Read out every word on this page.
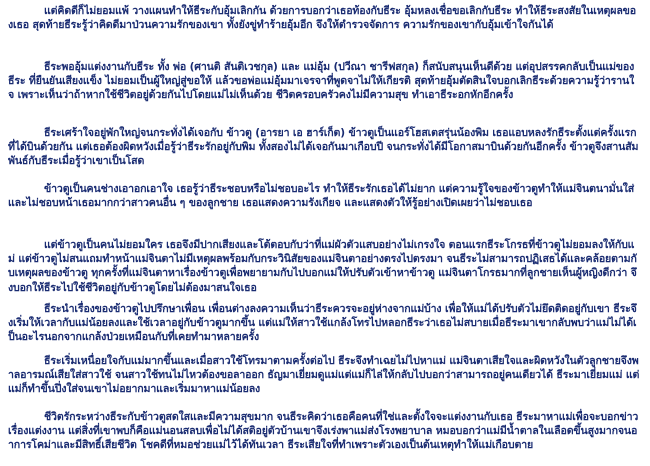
แต่คิดดีก็ไม่ยอมแพ้ วางแผนทำให้ธีระกับอุ้มเลิกกัน ด้วยการบอกว่าเธอท้องกับธีระ อุ้มหลงเชื่อขอเลิกกับธีระ ทำให้ธีระสงสัยในเหตุผลของเธอ สุดท้ายธีระรู้ว่าคิดดีมาป่วนความรักของเขา ทั้งยังขู่ทำร้ายอุ้มอีก จึงให้ตำรวจจัดการ ความรักของเขากับอุ้มเข้าใจกันได้

ธีระพออุ้มแต่งงานกับธีระ ทั้ง พ่อ (ศานติ สันติเวชกุล) และ แม่อุ้ม (ปวีณา ชารีฟสกุล) ก็สนับสนุนเห็นดีด้วย แต่อุปสรรคกลับเป็นแม่ของธีระ ที่ยืนยันเสียงแข็ง ไม่ยอมเป็นผู้ใหญ่สู่ขอให้ แล้วขอพ่อแม่อุ้มมาเจรจาที่พูดจาไม่ให้เกียรติ สุดท้ายอุ้มตัดสินใจบอกเลิกธีระด้วยความรู้ว่ารานใจ เพราะเห็นว่าถ้าหากใช้ชีวิตอยู่ด้วยกันไปโดยแม่ไม่เห็นด้วย ชีวิตครอบครัวคงไม่มีความสุข ทำเอาธีระอกหักอีกครั้ง

ธีระเศร้าใจอยู่พักใหญ่จนกระทั่งได้เจอกับ ข้าวตู (อารยา เอ ฮาร์เก็ต) ข้าวตูเป็นแอร์โฮสเตสรุ่นน้องพิม เธอแอบหลงรักธีระตั้งแต่ครั้งแรกที่ได้บินด้วยกัน แต่เธอต้องผิดหวังเมื่อรู้ว่าธีระรักอยู่กับพิม ทั้งสองไม่ได้เจอกันมาเกือบปี จนกระทั่งได้มีโอกาสมาบินด้วยกันอีกครั้ง ข้าวตูจึงสานสัมพันธ์กับธีระเมื่อรู้ว่าเขาเป็นโสด

ข้าวตูเป็นคนช่างเอาอกเอาใจ เธอรู้ว่าธีระชอบหรือไม่ชอบอะไร ทำให้ธีระรักเธอได้ไม่ยาก แต่ความรู้ใจของข้าวตูทำให้แม่จินตนามั่นใส่และไม่ชอบหน้าเธอมากกว่าสาวคนอื่น ๆ ของลูกชาย เธอแสดงความรังเกียจ และแสดงตัวให้รู้อย่างเปิดเผยว่าไม่ชอบเธอ

แต่ข้าวตูเป็นคนไม่ยอมใคร เธอจึงมีปากเสียงและโต้ตอบกับว่าที่แม่ผัวตัวแสบอย่างไม่เกรงใจ ตอนแรกธีระโกรธที่ข้าวตูไม่ยอมลงให้กับแม่ แต่ข้าวตูไม่สนแถมทำหน้าแม่จินตาไม่มีเหตุผลพร้อมกับกระวินิสัยของแม่จินตาอย่างตรงไปตรงมา จนธีระไม่สามารถปฏิเสธได้และคล้อยตามกับเหตุผลของข้าวตู ทุกครั้งที่แม่จินตาหาเรื่องข้าวตูเพื่อพยายามกับไปบอกแม่ให้ปรับตัวเข้าหาข้าวตู แม่จินตาโกรธมากที่ลูกชายเห็นผู้หญิงดีกว่า จึงบอกให้ธีระไปใช้ชีวิตอยู่กับข้าวตูโดยไม่ต้องมาสนใจเธอ

ธีระนำเรื่องของข้าวตูไปปรึกษาเพื่อน เพื่อนต่างลงความเห็นว่าธีระควรจะอยู่ห่างจากแม่บ้าง เพื่อให้แม่ได้ปรับตัวไม่ยึดติดอยู่กับเขา ธีระจึงเริ่มให้เวลากับแม่น้อยลงและใช้เวลาอยู่กับข้าวตูมากขึ้น แต่แม่ให้สาวใช้แกล้งโทรไปหลอกธีระว่าเธอไม่สบายเมื่อธีระมาเขากลับพบว่าแม่ไม่ได้เป็นอะไรนอกจากแกล้งป่วยเหมือนกับที่เคยทำมาหลายครั้ง

ธีระเริ่มเหนื่อยใจกับแม่มากขึ้นและเมื่อสาวใช้โทรมาตามครั้งต่อไป ธีระจึงทำเฉยไม่ไปหาแม่ แม่จินตาเสียใจและผิดหวังในตัวลูกชายจึงพาลอารมณ์เสียใส่สาวใช้ จนสาวใช้ทนไม่ไหวต้องขอลาออก ธัญมาเยี่ยมดูแม่แต่แม่ก็ไล่ให้กลับไปบอกว่าสามารถอยู่คนเดียวได้ ธีระมาเยี่ยมแม่ แต่แม่ก็ทำขึ้นปึ่งใส่จนเขาไม่อยากมาและเริ่มมาหาแม่น้อยลง

ชีวิตรักระหว่างธีระกับข้าวตูสดใสและมีความสุขมาก จนธีระคิดว่าเธอคือคนที่ใช่และตั้งใจจะแต่งงานกับเธอ ธีระมาหาแม่เพื่อจะบอกข่าวเรื่องแต่งงาน แต่สิ่งที่เขาพบก็คือแม่นอนสลบเพื่อไม่ได้สติอยู่ตัวบ้านเขาจึงเร่งพาแม่ส่งโรงพยาบาล หมอบอกว่าแม่มีน้ำตาลในเลือดขึ้นสูงมากจนอาการโคม่าและมีสิทธิ์เสียชีวิต โชคดีที่หมอช่วยแม่ไว้ได้ทันเวลา ธีระเสียใจที่ทำเพราะตัวเองเป็นต้นเหตุทำให้แม่เกือบตาย
